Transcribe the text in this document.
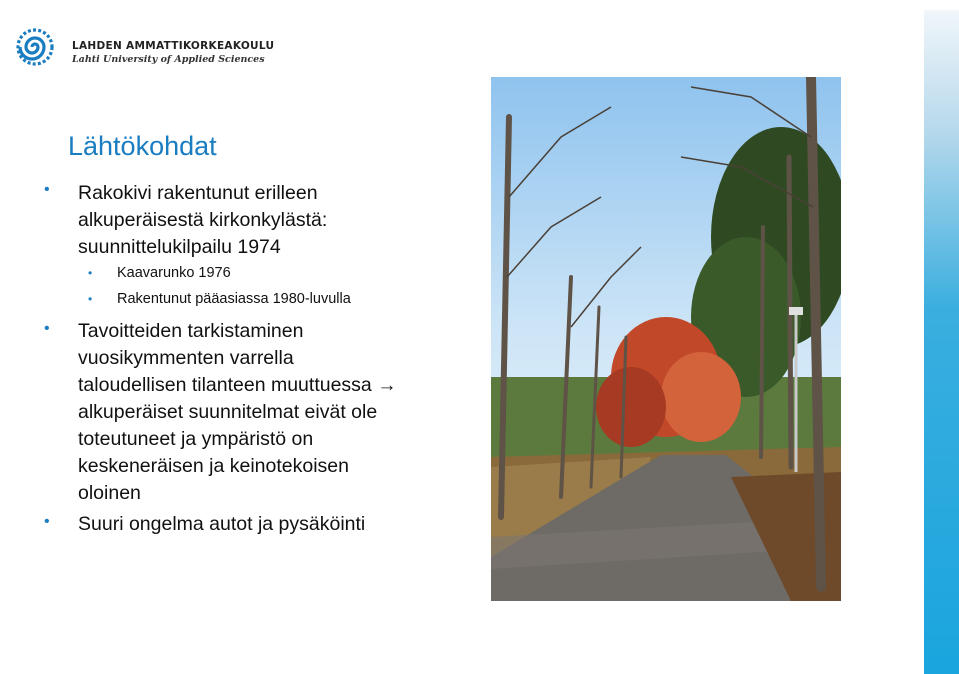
LAHDEN AMMATTIKORKEAKOULU
Lahti University of Applied Sciences
Lähtökohdat
• Rakokivi rakentunut erilleen
alkuperäisestä kirkonkylästä:
suunnittelukilpailu 1974
• Kaavarunko 1976
• Rakentunut pääasiassa 1980-luvulla
• Tavoitteiden tarkistaminen
vuosikymmenten varrella
taloudellisen tilanteen muuttuessa →
alkuperäiset suunnitelmat eivät ole
toteutuneet ja ympäristö on
keskeneräisen ja keinotekoisen
oloinen
• Suuri ongelma autot ja pysäköinti
